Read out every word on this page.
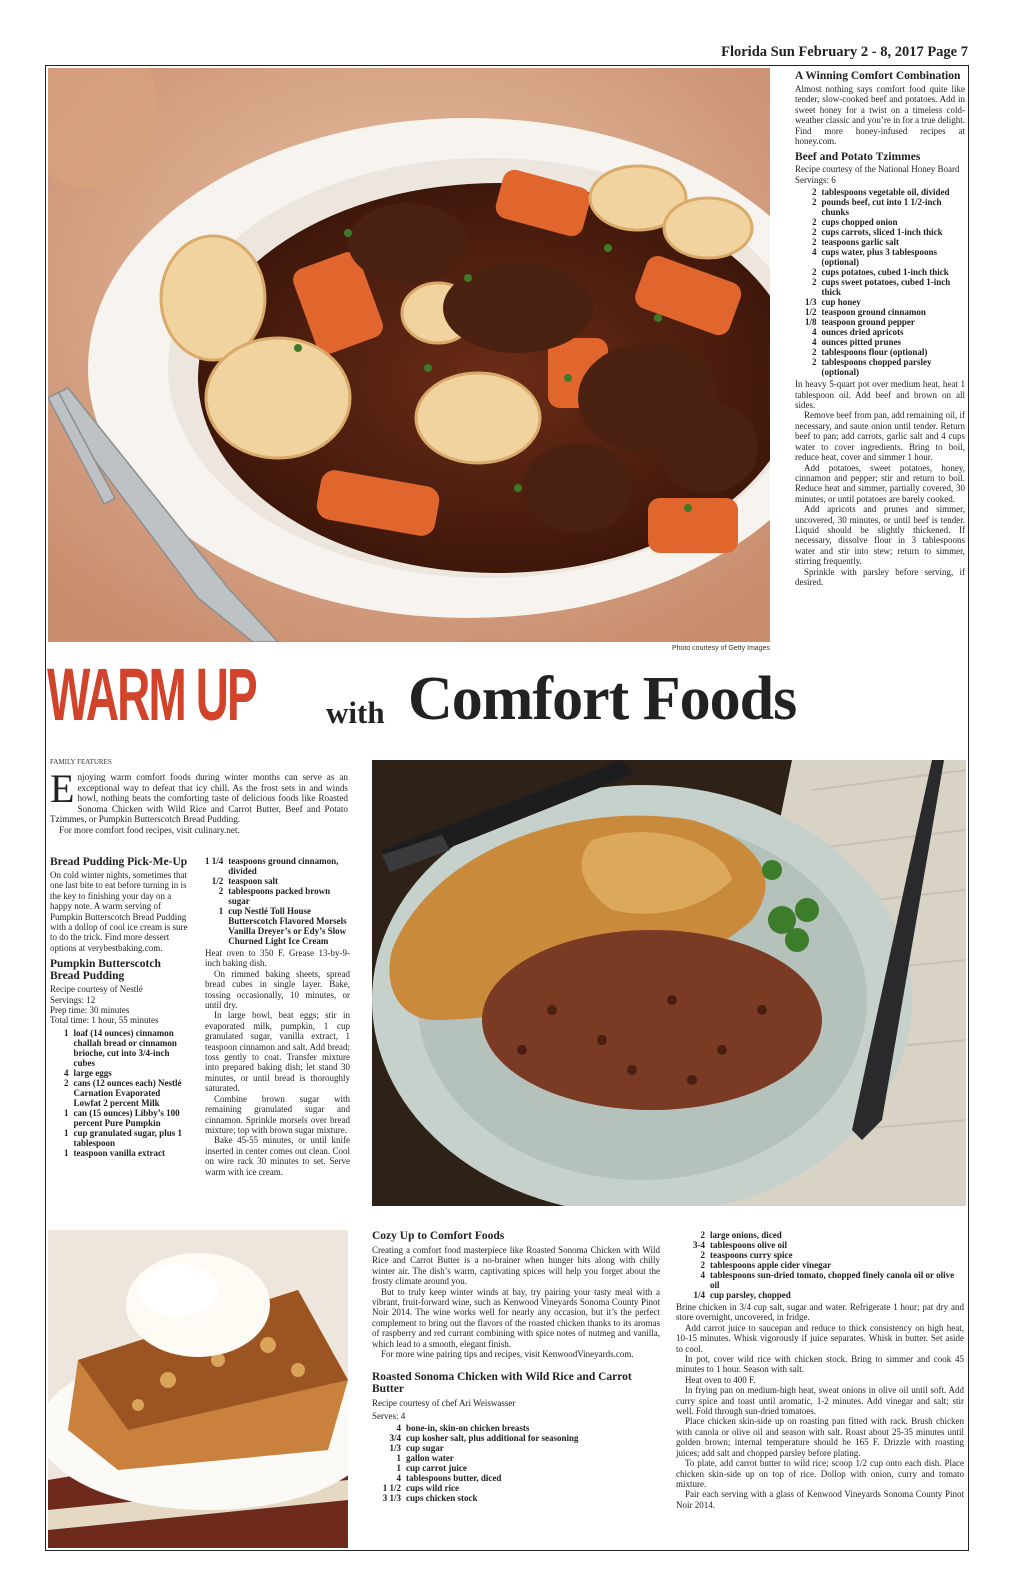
Florida Sun February 2 - 8, 2017 Page 7
Photo courtesy of Getty Images
A Winning Comfort Combination

Almost nothing says comfort food quite like tender, slow-cooked beef and potatoes. Add in sweet honey for a twist on a timeless cold-weather classic and you’re in for a true delight. Find more honey-infused recipes at honey.com.

Beef and Potato Tzimmes

Recipe courtesy of the National Honey Board

Servings: 6

2	tablespoons vegetable oil, divided
2	pounds beef, cut into 1 1/2-inch chunks
2	cups chopped onion
2	cups carrots, sliced 1-inch thick
2	teaspoons garlic salt
4	cups water, plus 3 tablespoons (optional)
2	cups potatoes, cubed 1-inch thick
2	cups sweet potatoes, cubed 1-inch thick
1/3	cup honey
1/2	teaspoon ground cinnamon
1/8	teaspoon ground pepper
4	ounces dried apricots
4	ounces pitted prunes
2	tablespoons flour (optional)
2	tablespoons chopped parsley (optional)

In heavy 5-quart pot over medium heat, heat 1 tablespoon oil. Add beef and brown on all sides.

Remove beef from pan, add remaining oil, if necessary, and saute onion until tender. Return beef to pan; add carrots, garlic salt and 4 cups water to cover ingredients. Bring to boil, reduce heat, cover and simmer 1 hour.

Add potatoes, sweet potatoes, honey, cinnamon and pepper; stir and return to boil. Reduce heat and simmer, partially covered, 30 minutes, or until potatoes are barely cooked.

Add apricots and prunes and simmer, uncovered, 30 minutes, or until beef is tender. Liquid should be slightly thickened. If necessary, dissolve flour in 3 tablespoons water and stir into stew; return to simmer, stirring frequently.

Sprinkle with parsley before serving, if desired.

WARM UP with Comfort Foods

FAMILY FEATURES

Enjoying warm comfort foods during winter months can serve as an exceptional way to defeat that icy chill. As the frost sets in and winds howl, nothing beats the comforting taste of delicious foods like Roasted Sonoma Chicken with Wild Rice and Carrot Butter, Beef and Potato Tzimmes, or Pumpkin Butterscotch Bread Pudding.

For more comfort food recipes, visit culinary.net.

Bread Pudding Pick-Me-Up

On cold winter nights, sometimes that one last bite to eat before turning in is the key to finishing your day on a happy note. A warm serving of Pumpkin Butterscotch Bread Pudding with a dollop of cool ice cream is sure to do the trick. Find more dessert options at verybestbaking.com.

Pumpkin Butterscotch Bread Pudding

Recipe courtesy of Nestlé

Servings: 12

Prep time: 30 minutes

Total time: 1 hour, 55 minutes

1	loaf (14 ounces) cinnamon challah bread or cinnamon brioche, cut into 3/4-inch cubes
4	large eggs
2	cans (12 ounces each) Nestlé Carnation Evaporated Lowfat 2 percent Milk
1	can (15 ounces) Libby’s 100 percent Pure Pumpkin
1	cup granulated sugar, plus 1 tablespoon
1	teaspoon vanilla extract
1 1/4	teaspoons ground cinnamon, divided
1/2	teaspoon salt
2	tablespoons packed brown sugar
1	cup Nestlé Toll House Butterscotch Flavored Morsels
	Vanilla Dreyer’s or Edy’s Slow Churned Light Ice Cream

Heat oven to 350 F. Grease 13-by-9-inch baking dish.

On rimmed baking sheets, spread bread cubes in single layer. Bake, tossing occasionally, 10 minutes, or until dry.

In large bowl, beat eggs; stir in evaporated milk, pumpkin, 1 cup granulated sugar, vanilla extract, 1 teaspoon cinnamon and salt. Add bread; toss gently to coat. Transfer mixture into prepared baking dish; let stand 30 minutes, or until bread is thoroughly saturated.

Combine brown sugar with remaining granulated sugar and cinnamon. Sprinkle morsels over bread mixture; top with brown sugar mixture.

Bake 45-55 minutes, or until knife inserted in center comes out clean. Cool on wire rack 30 minutes to set. Serve warm with ice cream.

Cozy Up to Comfort Foods

Creating a comfort food masterpiece like Roasted Sonoma Chicken with Wild Rice and Carrot Butter is a no-brainer when hunger hits along with chilly winter air. The dish’s warm, captivating spices will help you forget about the frosty climate around you.

But to truly keep winter winds at bay, try pairing your tasty meal with a vibrant, fruit-forward wine, such as Kenwood Vineyards Sonoma County Pinot Noir 2014. The wine works well for nearly any occasion, but it’s the perfect complement to bring out the flavors of the roasted chicken thanks to its aromas of raspberry and red currant combining with spice notes of nutmeg and vanilla, which lead to a smooth, elegant finish.

For more wine pairing tips and recipes, visit KenwoodVineyards.com.

Roasted Sonoma Chicken with Wild Rice and Carrot Butter

Recipe courtesy of chef Ari Weiswasser

Serves: 4

4	bone-in, skin-on chicken breasts
3/4	cup kosher salt, plus additional for seasoning
1/3	cup sugar
1	gallon water
1	cup carrot juice
4	tablespoons butter, diced
1 1/2	cups wild rice
3 1/3	cups chicken stock
2	large onions, diced
3-4	tablespoons olive oil
2	teaspoons curry spice
2	tablespoons apple cider vinegar
4	tablespoons sun-dried tomato, chopped finely canola oil or olive oil
1/4	cup parsley, chopped

Brine chicken in 3/4 cup salt, sugar and water. Refrigerate 1 hour; pat dry and store overnight, uncovered, in fridge.

Add carrot juice to saucepan and reduce to thick consistency on high heat, 10-15 minutes. Whisk vigorously if juice separates. Whisk in butter. Set aside to cool.

In pot, cover wild rice with chicken stock. Bring to simmer and cook 45 minutes to 1 hour. Season with salt.

Heat oven to 400 F.

In frying pan on medium-high heat, sweat onions in olive oil until soft. Add curry spice and toast until aromatic, 1-2 minutes. Add vinegar and salt; stir well. Fold through sun-dried tomatoes.

Place chicken skin-side up on roasting pan fitted with rack. Brush chicken with canola or olive oil and season with salt. Roast about 25-35 minutes until golden brown; internal temperature should be 165 F. Drizzle with roasting juices; add salt and chopped parsley before plating.

To plate, add carrot butter to wild rice; scoop 1/2 cup onto each dish. Place chicken skin-side up on top of rice. Dollop with onion, curry and tomato mixture.

Pair each serving with a glass of Kenwood Vineyards Sonoma County Pinot Noir 2014.
